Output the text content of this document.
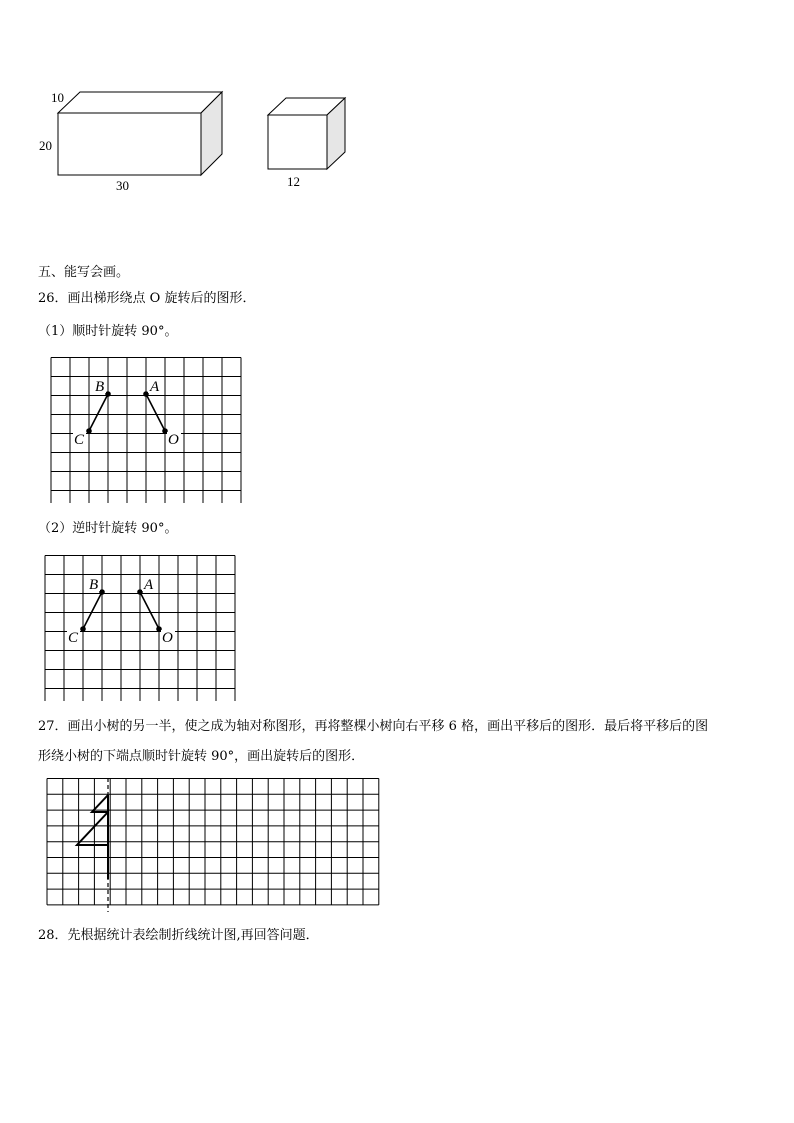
10
20
30	12
五、能写会画。
26．画出梯形绕点 O 旋转后的图形．
（1）顺时针旋转 90°。
B	A
C	O
（2）逆时针旋转 90°。
B	A
C	O
27．画出小树的另一半，使之成为轴对称图形，再将整棵小树向右平移 6 格，画出平移后的图形．最后将平移后的图
形绕小树的下端点顺时针旋转 90°，画出旋转后的图形．
28．先根据统计表绘制折线统计图,再回答问题．
